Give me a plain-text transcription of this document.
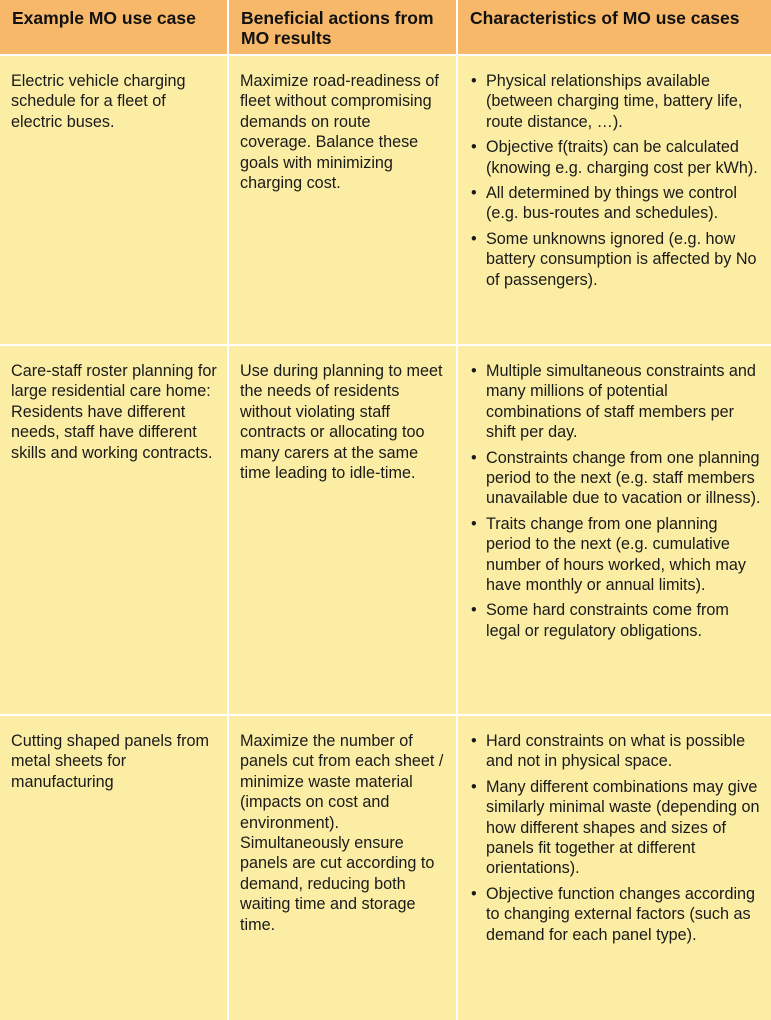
Example MO use case	Beneficial actions from MO results
Characteristics of MO use cases
Electric vehicle charging schedule for a fleet of electric buses.
Maximize road-readiness of fleet without compromising demands on route coverage. Balance these goals with minimizing charging cost.
• Physical relationships available (between charging time, battery life, route distance, …).
• Objective f(traits) can be calculated (knowing e.g. charging cost per kWh).
• All determined by things we control (e.g. bus-routes and schedules).
• Some unknowns ignored (e.g. how battery consumption is affected by No of passengers).
Care-staff roster planning for large residential care home: Residents have different needs, staff have different skills and working contracts.
Use during planning to meet the needs of residents without violating staff contracts or allocating too many carers at the same time leading to idle-time.
• Multiple simultaneous constraints and many millions of potential combinations of staff members per shift per day.
• Constraints change from one planning period to the next (e.g. staff members unavailable due to vacation or illness).
• Traits change from one planning period to the next (e.g. cumulative number of hours worked, which may have monthly or annual limits).
• Some hard constraints come from legal or regulatory obligations.
Cutting shaped panels from metal sheets for manufacturing
Maximize the number of panels cut from each sheet / minimize waste material (impacts on cost and environment). Simultaneously ensure panels are cut according to demand, reducing both waiting time and storage time.
• Hard constraints on what is possible and not in physical space.
• Many different combinations may give similarly minimal waste (depending on how different shapes and sizes of panels fit together at different orientations).
• Objective function changes according to changing external factors (such as demand for each panel type).
